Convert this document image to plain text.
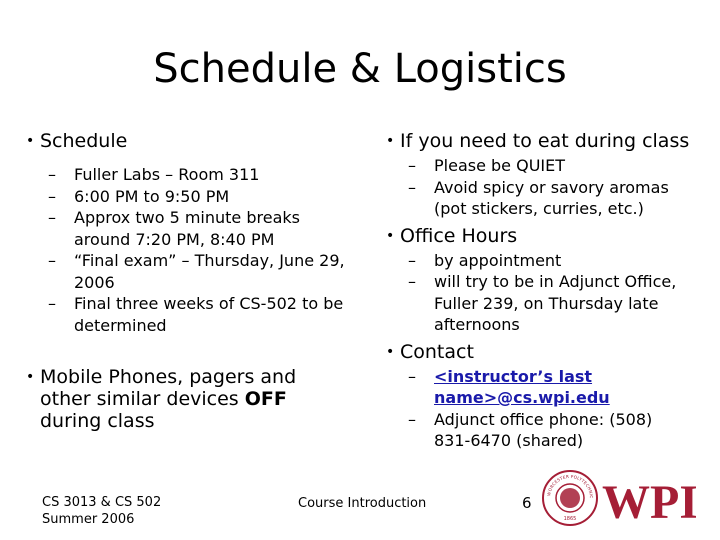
Schedule & Logistics
• Schedule
– Fuller Labs – Room 311
– 6:00 PM to 9:50 PM
– Approx two 5 minute breaks around 7:20 PM, 8:40 PM
– “Final exam” – Thursday, June 29, 2006
– Final three weeks of CS-502 to be determined
• Mobile Phones, pagers and other similar devices OFF during class
• If you need to eat during class
– Please be QUIET
– Avoid spicy or savory aromas (pot stickers, curries, etc.)
• Office Hours
– by appointment
– will try to be in Adjunct Office, Fuller 239, on Thursday late afternoons
• Contact
– <instructor’s last name>@cs.wpi.edu
– Adjunct office phone: (508) 831-6470 (shared)
CS 3013 & CS 502
Summer 2006
Course Introduction	6
WORCESTER POLYTECHNIC
1865 WPI
